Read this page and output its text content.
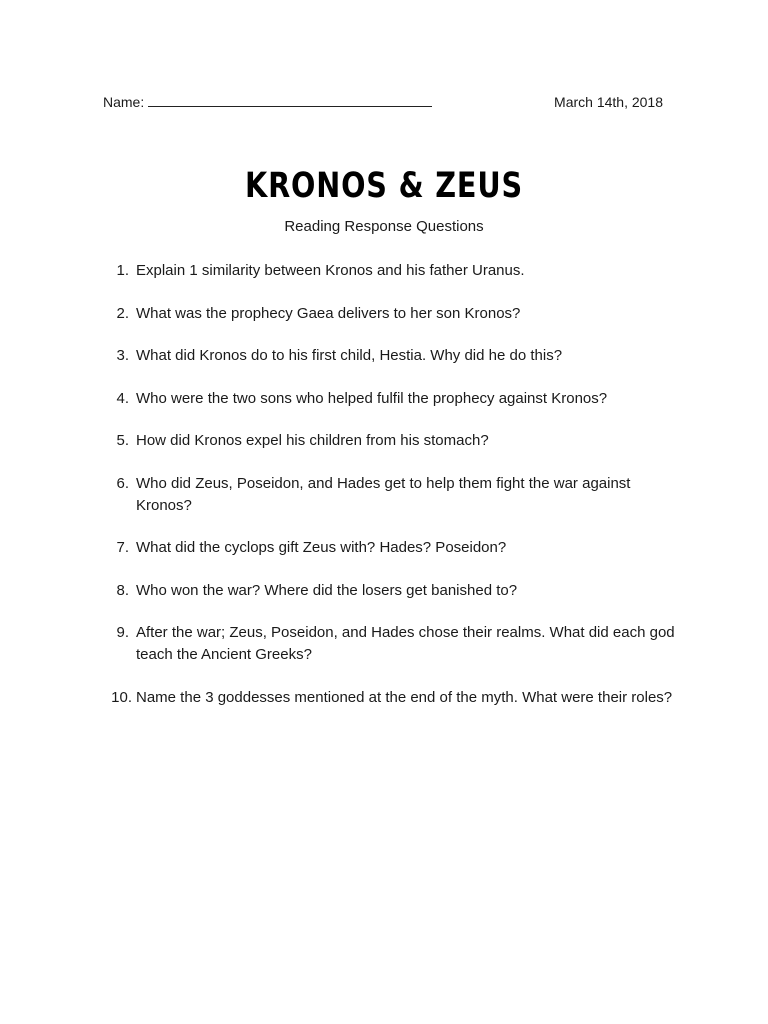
Name:	March 14th, 2018
KRONOS & ZEUS
Reading Response Questions
1. Explain 1 similarity between Kronos and his father Uranus.
2. What was the prophecy Gaea delivers to her son Kronos?
3. What did Kronos do to his first child, Hestia. Why did he do this?
4. Who were the two sons who helped fulfil the prophecy against Kronos?
5. How did Kronos expel his children from his stomach?
6. Who did Zeus, Poseidon, and Hades get to help them fight the war against Kronos?
7. What did the cyclops gift Zeus with? Hades? Poseidon?
8. Who won the war? Where did the losers get banished to?
9. After the war; Zeus, Poseidon, and Hades chose their realms. What did each god teach the Ancient Greeks?
10. Name the 3 goddesses mentioned at the end of the myth. What were their roles?
